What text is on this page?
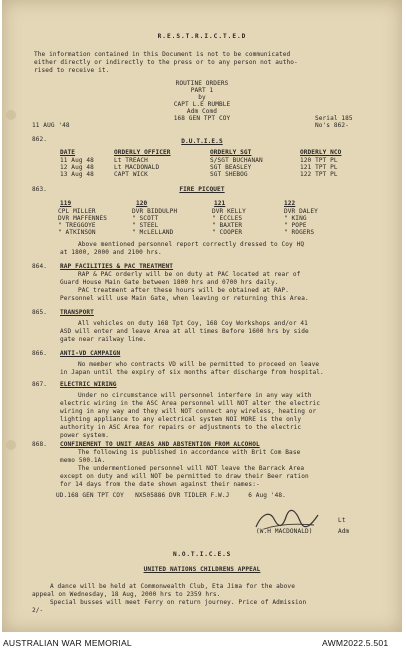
R.E.S.T.R.I.C.T.E.D
The information contained in this Document is not to be communicated
either directly or indirectly to the press or to any person not autho-
rised to receive it.
ROUTINE ORDERS
PART 1
by
CAPT L.E RUMBLE
Adm Comd
168 GEN TPT COY
11 AUG '48
Serial 185
No's 862-
862.	D.U.T.I.E.S
DATE	ORDERLY OFFICER	ORDERLY SGT	ORDERLY NCO
11 Aug 48	Lt TREACH	S/SGT BUCHANAN	120 TPT PL
12 Aug 48	Lt MACDONALD	SGT BEASLEY	121 TPT PL
13 Aug 48	CAPT WICK	SGT SHEBOG	122 TPT PL
863.	FIRE PICQUET
119	120	121	122
CPL MILLER	DVR BIDDULPH	DVR KELLY	DVR DALEY
DVR MAFFENNES	" SCOTT	" ECCLES	" KING
" TREGGOYE	" STEEL	" BAXTER	" POPE
" ATKINSON	" McLELLAND	" COOPER	" ROGERS
Above mentioned personnel report correctly dressed to Coy HQ
at 1800, 2000 and 2100 hrs.
864. RAP FACILITIES & PAC TREATMENT
RAP & PAC orderly will be on duty at PAC located at rear of
Guard House Main Gate between 1800 hrs and 0700 hrs daily.
PAC treatment after these hours will be obtained at RAP.
Personnel will use Main Gate, when leaving or returning this Area.
865. TRANSPORT
All vehicles on duty 168 Tpt Coy, 168 Coy Workshops and/or 41
ASD will enter and leave Area at all times Before 1600 hrs by side
gate near railway line.
866. ANTI-VD CAMPAIGN
No member who contracts VD will be permitted to proceed on leave
in Japan until the expiry of six months after discharge from hospital.
867. ELECTRIC WIRING
Under no circumstance will personnel interfere in any way with
electric wiring in the ASC Area personnel will NOT alter the electric
wiring in any way and they will NOT connect any wireless, heating or
lighting appliance to any electrical system NOI MORE is the only
authority in ASC Area for repairs or adjustments to the electric
power system.
868. CONFINEMENT TO UNIT AREAS AND ABSTENTION FROM ALCOHOL
The following is published in accordance with Brit Com Base
memo 500.1A.
The undermentioned personnel will NOT leave the Barrack Area
except on duty and will NOT be permitted to draw their Beer ration
for 14 days from the date shown against their names:-
UD.168 GEN TPT COY   NX505886 DVR TIDLER F.W.J     6 Aug '48.
Lt
(W.H MACDONALD)	Adm
N.O.T.I.C.E.S
UNITED NATIONS CHILDRENS APPEAL
A dance will be held at Commonwealth Club, Eta Jima for the above
appeal on Wednesday, 18 Aug, 2000 hrs to 2359 hrs.
Special busses will meet Ferry on return journey. Price of Admission
2/-
AUSTRALIAN WAR MEMORIAL	AWM2022.5.501
